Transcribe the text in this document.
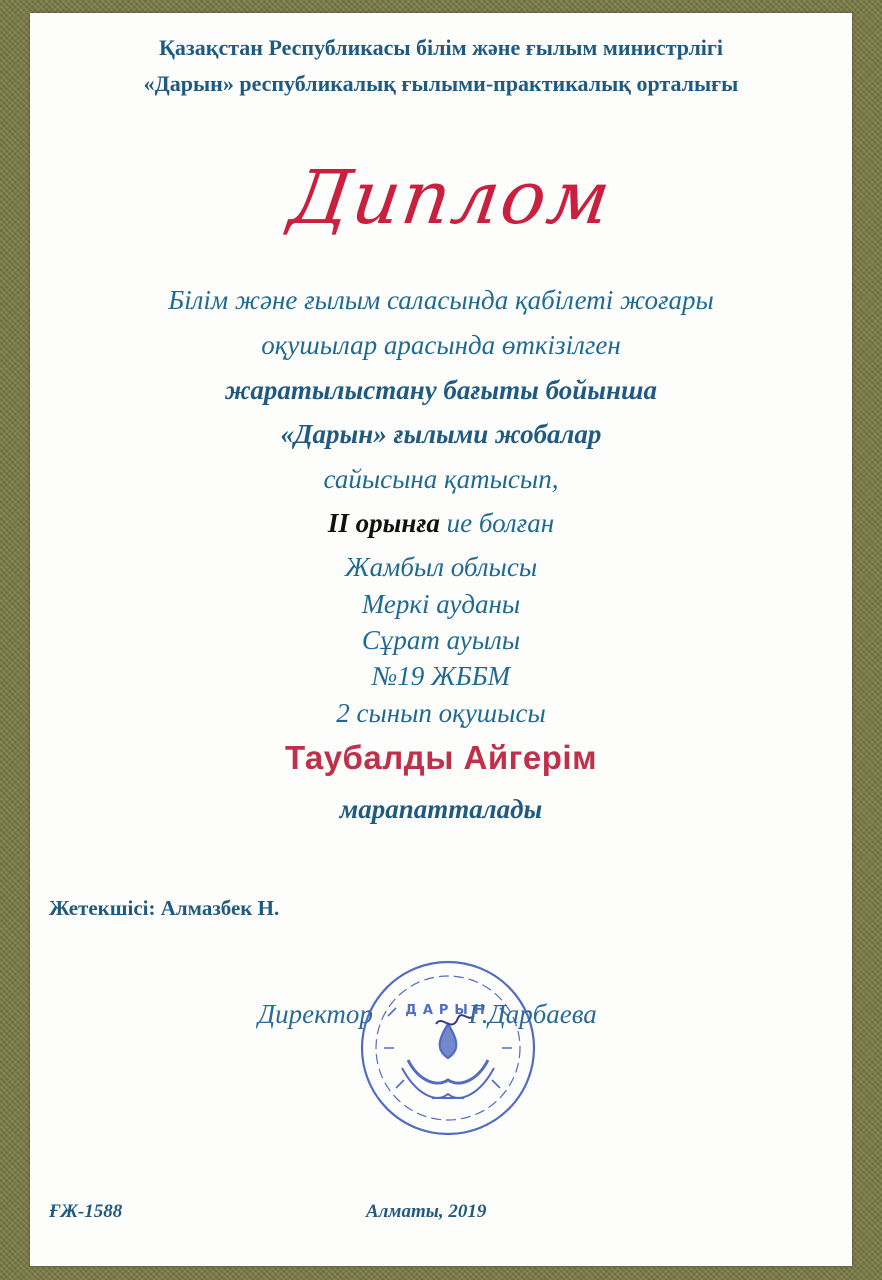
Қазақстан Республикасы білім және ғылым министрлігі
«Дарын» республикалық ғылыми-практикалық орталығы
Диплом
Білім және ғылым саласында қабілеті жоғары
оқушылар арасында өткізілген
жаратылыстану бағыты бойынша
«Дарын» ғылыми жобалар
сайысына қатысып,
II орынға ие болған
Жамбыл облысы
Меркі ауданы
Сұрат ауылы
№19 ЖББМ
2 сынып оқушысы
Таубалды Айгерім
марапатталады
Жетекшісі: Алмазбек Н.
ДАРЫН
Директор	Г.Дарбаева
ҒЖ-1588	Алматы, 2019
